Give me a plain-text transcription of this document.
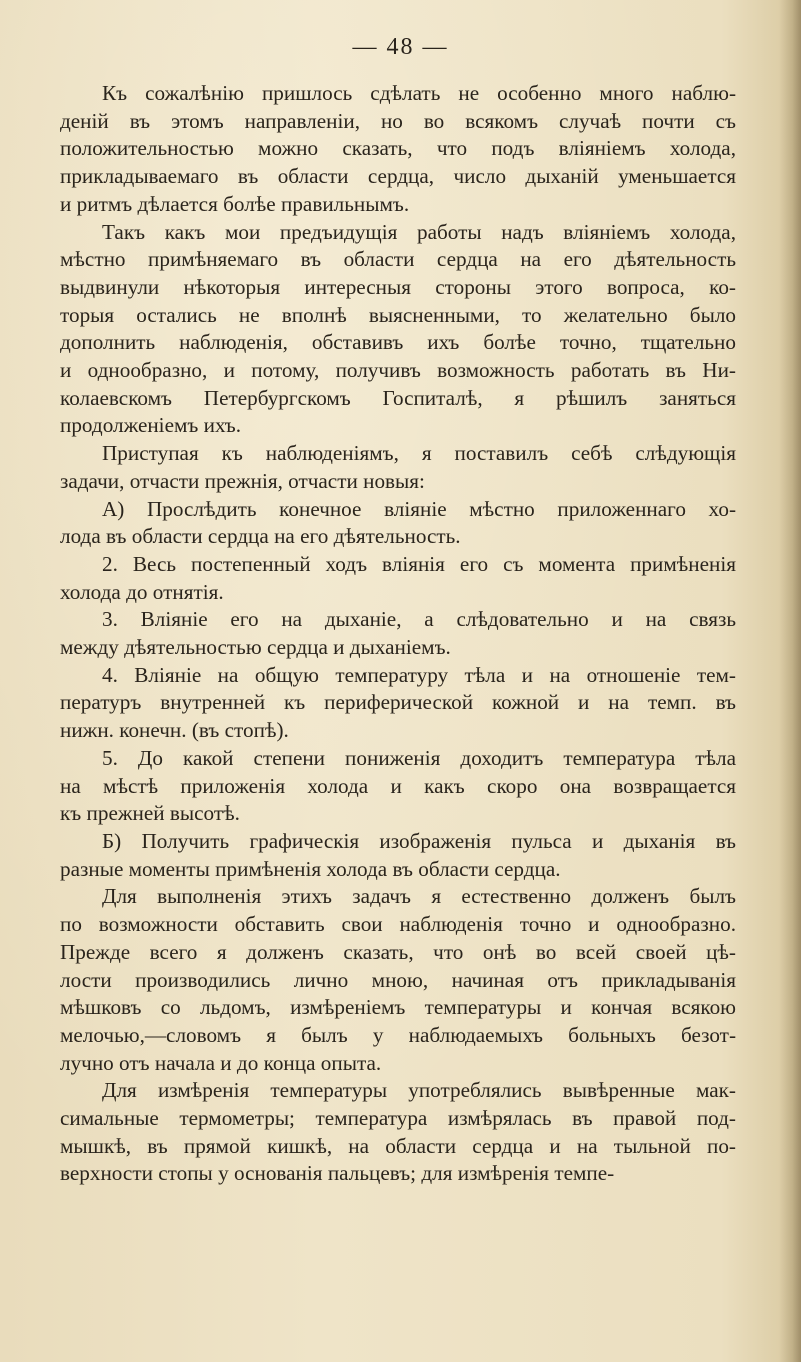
— 48 —
Къ сожалѣнію пришлось сдѣлать не особенно много наблю-
деній въ этомъ направленіи, но во всякомъ случаѣ почти съ
положительностью можно сказать, что подъ вліяніемъ холода,
прикладываемаго въ области сердца, число дыханій уменьшается
и ритмъ дѣлается болѣе правильнымъ.
Такъ какъ мои предъидущія работы надъ вліяніемъ холода,
мѣстно примѣняемаго въ области сердца на его дѣятельность
выдвинули нѣкоторыя интересныя стороны этого вопроса, ко-
торыя остались не вполнѣ выясненными, то желательно было
дополнить наблюденія, обставивъ ихъ болѣе точно, тщательно
и однообразно, и потому, получивъ возможность работать въ Ни-
колаевскомъ Петербургскомъ Госпиталѣ, я рѣшилъ заняться
продолженіемъ ихъ.
Приступая къ наблюденіямъ, я поставилъ себѣ слѣдующія
задачи, отчасти прежнія, отчасти новыя:
А) Прослѣдить конечное вліяніе мѣстно приложеннаго хо-
лода въ области сердца на его дѣятельность.
2. Весь постепенный ходъ вліянія его съ момента примѣненія
холода до отнятія.
3. Вліяніе его на дыханіе, а слѣдовательно и на связь
между дѣятельностью сердца и дыханіемъ.
4. Вліяніе на общую температуру тѣла и на отношеніе тем-
пературъ внутренней къ периферической кожной и на темп. въ
нижн. конечн. (въ стопѣ).
5. До какой степени пониженія доходитъ температура тѣла
на мѣстѣ приложенія холода и какъ скоро она возвращается
къ прежней высотѣ.
Б) Получить графическія изображенія пульса и дыханія въ
разные моменты примѣненія холода въ области сердца.
Для выполненія этихъ задачъ я естественно долженъ былъ
по возможности обставить свои наблюденія точно и однообразно.
Прежде всего я долженъ сказать, что онѣ во всей своей цѣ-
лости производились лично мною, начиная отъ прикладыванія
мѣшковъ со льдомъ, измѣреніемъ температуры и кончая всякою
мелочью,—словомъ я былъ у наблюдаемыхъ больныхъ безот-
лучно отъ начала и до конца опыта.
Для измѣренія температуры употреблялись вывѣренные мак-
симальные термометры; температура измѣрялась въ правой под-
мышкѣ, въ прямой кишкѣ, на области сердца и на тыльной по-
верхности стопы у основанія пальцевъ; для измѣренія темпе-
